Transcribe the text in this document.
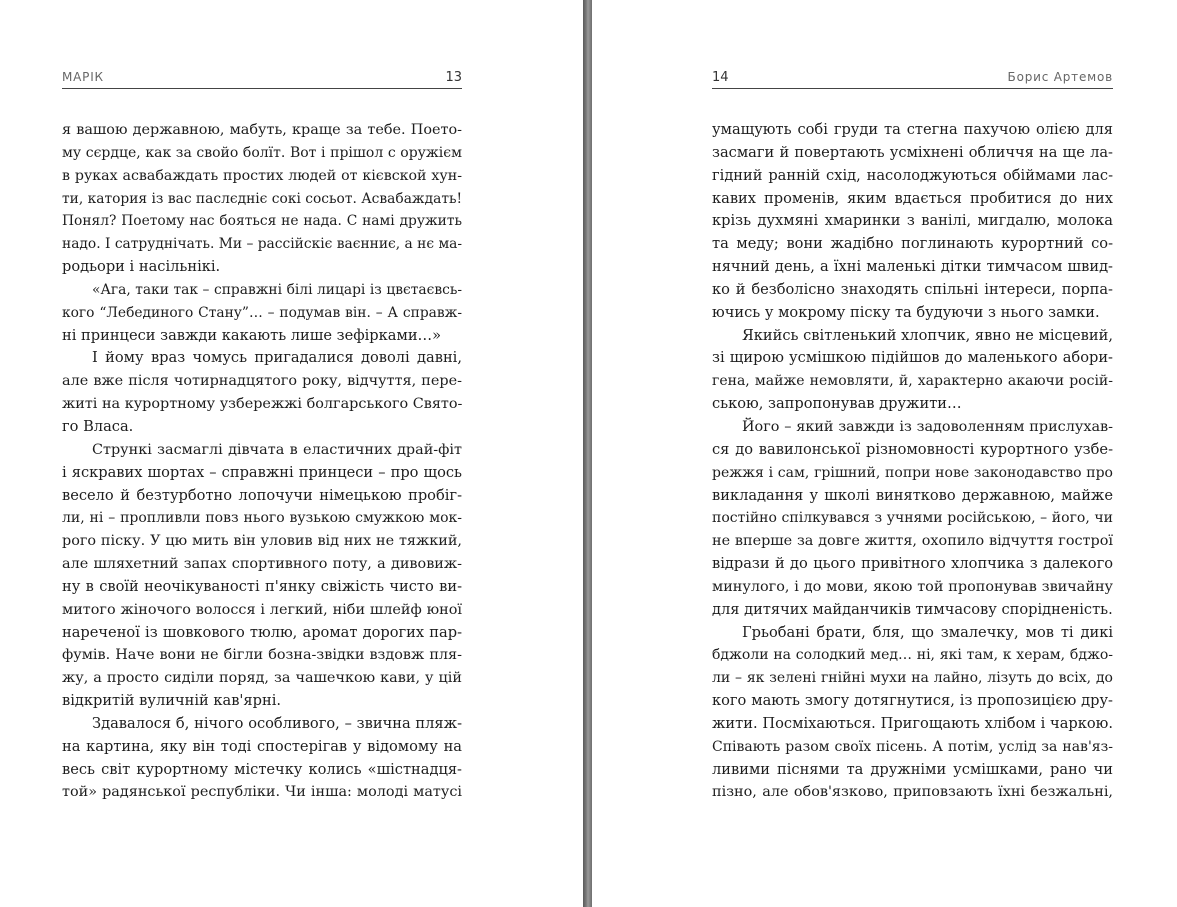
МАРІК	13
я вашою державною, мабуть, краще за тебе. Поето-
му сєрдце, как за свойо болїт. Вот і прішол с оружієм
в руках асвабаждать простих людей от кієвской хун-
ти, катория із вас паслєдніє сокі сосьот. Асвабаждать!
Понял? Поетому нас бояться не нада. С намі дружить
надо. І сатруднічать. Ми – рассійскіє ваєнниє, а нє ма-
родьори і насільнікі.
«Ага, таки так – справжні білі лицарі із цвєтаєвсь-
кого “Лебединого Стану”… – подумав він. – А справж-
ні принцеси завжди какають лише зефірками…»
І йому враз чомусь пригадалися доволі давні,
але вже після чотирнадцятого року, відчуття, пере-
житі на курортному узбережжі болгарського Свято-
го Власа.
Стрункі засмаглі дівчата в еластичних драй-фіт
і яскравих шортах – справжні принцеси – про щось
весело й безтурботно лопочучи німецькою пробіг-
ли, ні – пропливли повз нього вузькою смужкою мок-
рого піску. У цю мить він уловив від них не тяжкий,
але шляхетний запах спортивного поту, а дивовиж-
ну в своїй неочікуваності п'янку свіжість чисто ви-
митого жіночого волосся і легкий, ніби шлейф юної
нареченої із шовкового тюлю, аромат дорогих пар-
фумів. Наче вони не бігли бозна-звідки вздовж пля-
жу, а просто сиділи поряд, за чашечкою кави, у цій
відкритій вуличній кав'ярні.
Здавалося б, нічого особливого, – звична пляж-
на картина, яку він тоді спостерігав у відомому на
весь світ курортному містечку колись «шістнадця-
той» радянської республіки. Чи інша: молоді матусі
14	Борис Артемов
умащують собі груди та стегна пахучою олією для
засмаги й повертають усміхнені обличчя на ще ла-
гідний ранній схід, насолоджуються обіймами лас-
кавих променів, яким вдається пробитися до них
крізь духмяні хмаринки з ванілі, мигдалю, молока
та меду; вони жадібно поглинають курортний со-
нячний день, а їхні маленькі дітки тимчасом швид-
ко й безболісно знаходять спільні інтереси, порпа-
ючись у мокрому піску та будуючи з нього замки.
Якийсь світленький хлопчик, явно не місцевий,
зі щирою усмішкою підійшов до маленького абори-
гена, майже немовляти, й, характерно акаючи росій-
ською, запропонував дружити…
Його – який завжди із задоволенням прислухав-
ся до вавилонської різномовності курортного узбе-
режжя і сам, грішний, попри нове законодавство про
викладання у школі винятково державною, майже
постійно спілкувався з учнями російською, – його, чи
не вперше за довге життя, охопило відчуття гострої
відрази й до цього привітного хлопчика з далекого
минулого, і до мови, якою той пропонував звичайну
для дитячих майданчиків тимчасову спорідненість.
Грьобані брати, бля, що змалечку, мов ті дикі
бджоли на солодкий мед… ні, які там, к херам, бджо-
ли – як зелені гнійні мухи на лайно, лізуть до всіх, до
кого мають змогу дотягнутися, із пропозицією дру-
жити. Посміхаються. Пригощають хлібом і чаркою.
Співають разом своїх пісень. А потім, услід за нав'яз-
ливими піснями та дружніми усмішками, рано чи
пізно, але обов'язково, приповзають їхні безжальні,
